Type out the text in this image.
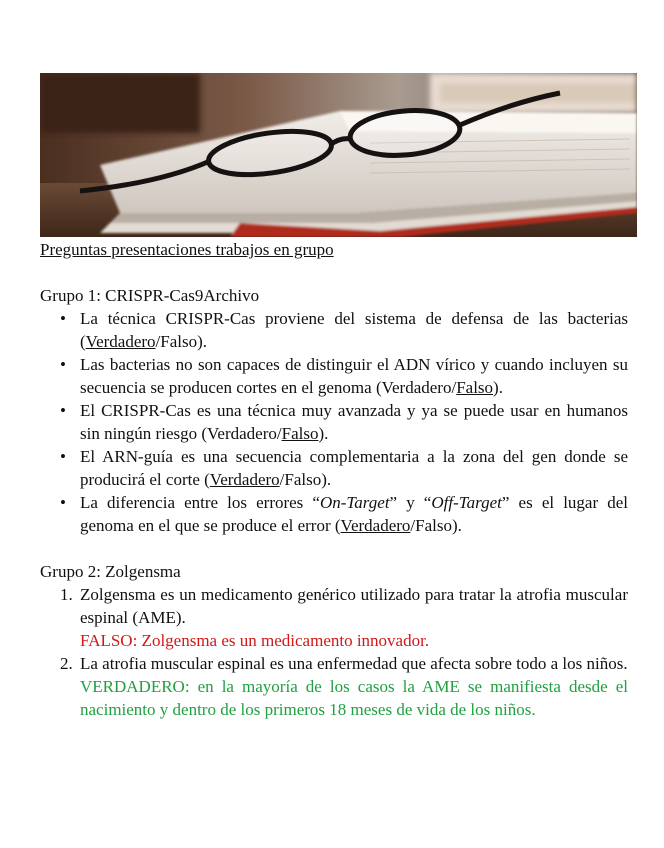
Preguntas presentaciones trabajos en grupo

Grupo 1: CRISPR-Cas9Archivo

• La técnica CRISPR-Cas proviene del sistema de defensa de las bacterias (Verdadero/Falso).
• Las bacterias no son capaces de distinguir el ADN vírico y cuando incluyen su secuencia se producen cortes en el genoma (Verdadero/Falso).
• El CRISPR-Cas es una técnica muy avanzada y ya se puede usar en humanos sin ningún riesgo (Verdadero/Falso).
• El ARN-guía es una secuencia complementaria a la zona del gen donde se producirá el corte (Verdadero/Falso).
• La diferencia entre los errores “On-Target” y “Off-Target” es el lugar del genoma en el que se produce el error (Verdadero/Falso).

Grupo 2: Zolgensma

1. Zolgensma es un medicamento genérico utilizado para tratar la atrofia muscular espinal (AME).
FALSO: Zolgensma es un medicamento innovador.
2. La atrofia muscular espinal es una enfermedad que afecta sobre todo a los niños.
VERDADERO: en la mayoría de los casos la AME se manifiesta desde el nacimiento y dentro de los primeros 18 meses de vida de los niños.
